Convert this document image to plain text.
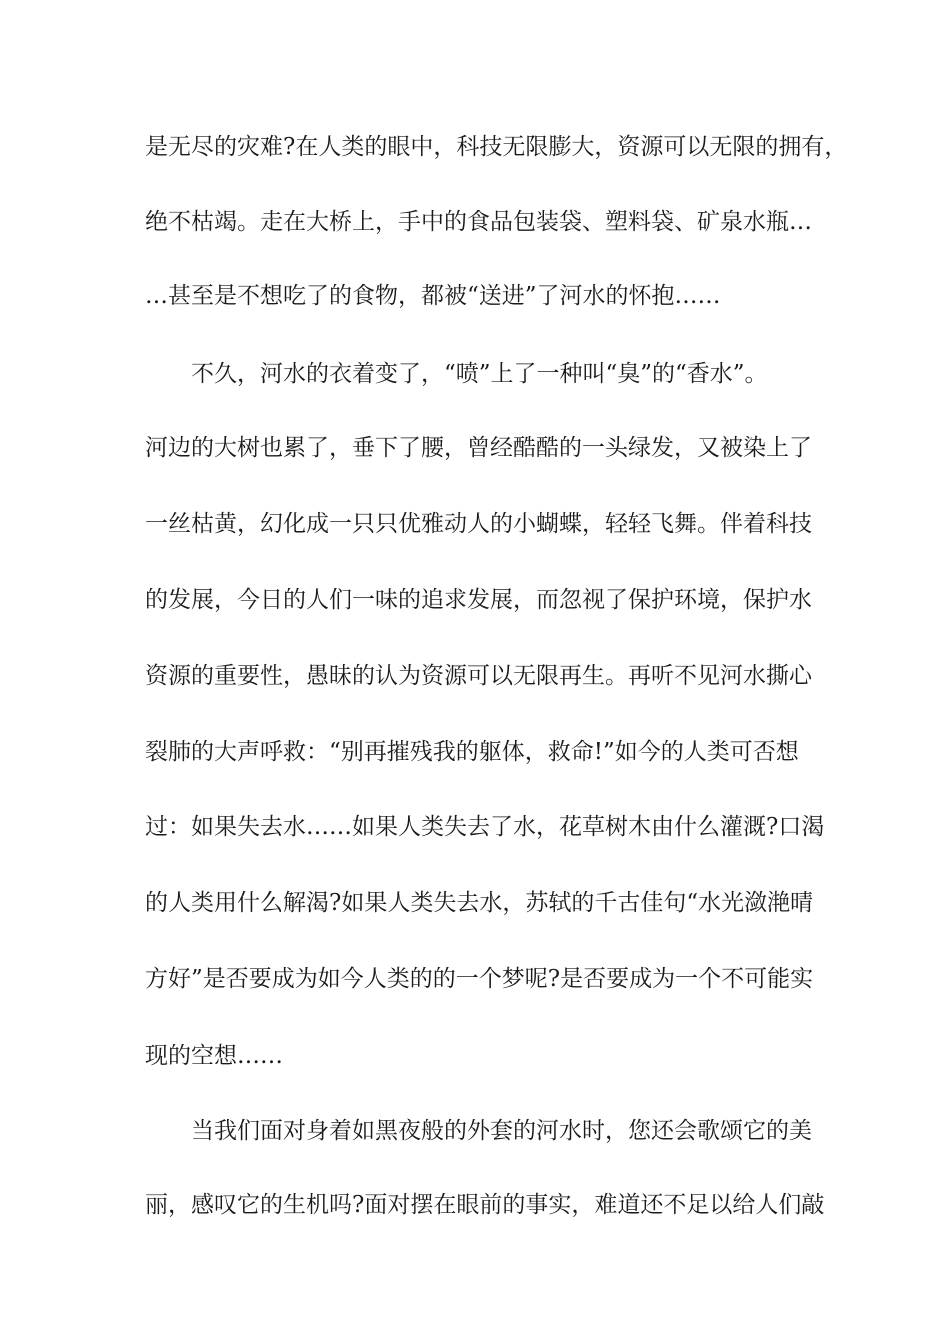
是无尽的灾难?在人类的眼中，科技无限膨大，资源可以无限的拥有，
绝不枯竭。走在大桥上，手中的食品包装袋、塑料袋、矿泉水瓶…
…甚至是不想吃了的食物，都被“送进”了河水的怀抱……
不久，河水的衣着变了，“喷”上了一种叫“臭”的“香水”。
河边的大树也累了，垂下了腰，曾经酷酷的一头绿发，又被染上了
一丝枯黄，幻化成一只只优雅动人的小蝴蝶，轻轻飞舞。伴着科技
的发展，今日的人们一味的追求发展，而忽视了保护环境，保护水
资源的重要性，愚昧的认为资源可以无限再生。再听不见河水撕心
裂肺的大声呼救：“别再摧残我的躯体，救命!”如今的人类可否想
过：如果失去水……如果人类失去了水，花草树木由什么灌溉?口渴
的人类用什么解渴?如果人类失去水，苏轼的千古佳句“水光潋滟晴
方好”是否要成为如今人类的的一个梦呢?是否要成为一个不可能实
现的空想……
当我们面对身着如黑夜般的外套的河水时，您还会歌颂它的美
丽，感叹它的生机吗?面对摆在眼前的事实，难道还不足以给人们敲
